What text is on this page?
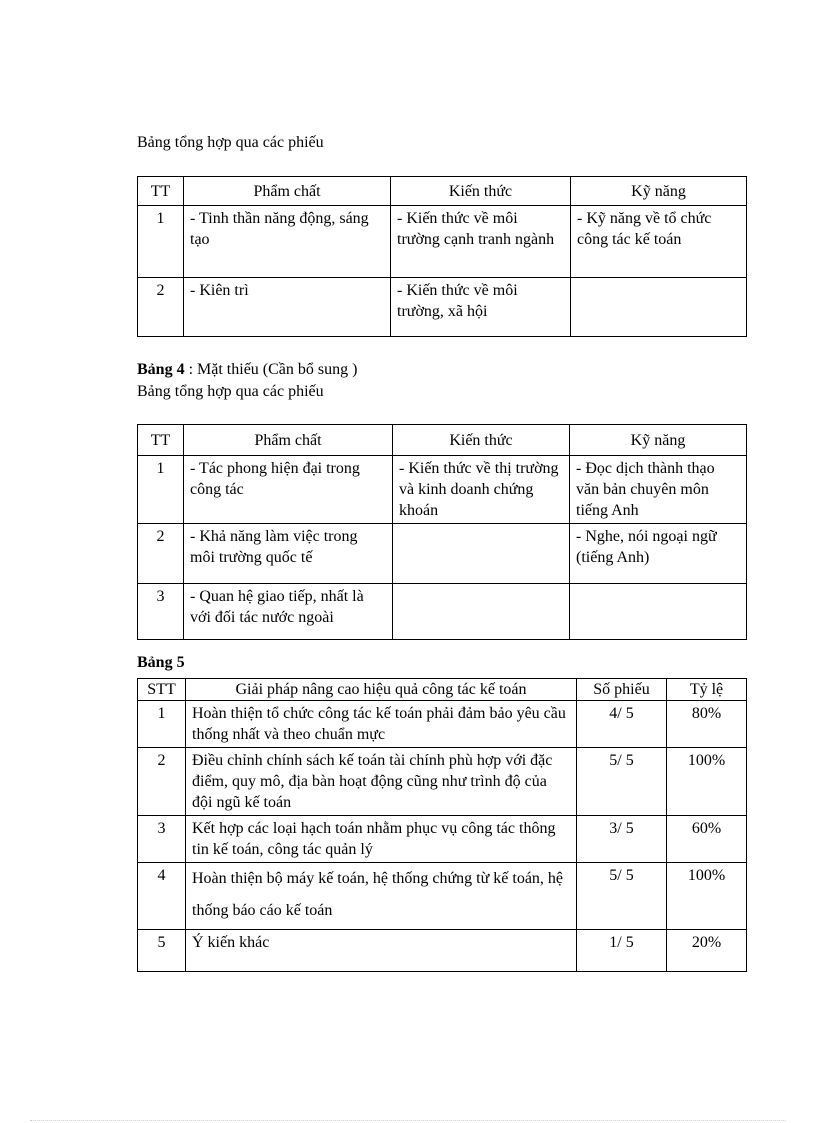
Bảng tổng hợp qua các phiếu
TT	Phẩm chất	Kiến thức	Kỹ năng
1	- Tinh thần năng động, sáng tạo	- Kiến thức về môi trường cạnh tranh ngành	- Kỹ năng về tổ chức công tác kế toán
2	- Kiên trì	- Kiến thức về môi trường, xã hội	
Bảng 4 : Mặt thiếu (Cần bổ sung )
Bảng tổng hợp qua các phiếu
TT	Phẩm chất	Kiến thức	Kỹ năng
1	- Tác phong hiện đại trong công tác	- Kiến thức về thị trường và kinh doanh chứng khoán	- Đọc dịch thành thạo văn bản chuyên môn tiếng Anh
2	- Khả năng làm việc trong môi trường quốc tế		- Nghe, nói ngoại ngữ (tiếng Anh)
3	- Quan hệ giao tiếp, nhất là với đối tác nước ngoài		
Bảng 5
STT	Giải pháp nâng cao hiệu quả công tác kế toán	Số phiếu	Tỷ lệ
1	Hoàn thiện tổ chức công tác kế toán phải đảm bảo yêu cầu thống nhất và theo chuẩn mực	4/ 5	80%
2	Điều chỉnh chính sách kế toán tài chính phù hợp với đặc điểm, quy mô, địa bàn hoạt động cũng như trình độ của đội ngũ kế toán	5/ 5	100%
3	Kết hợp các loại hạch toán nhằm phục vụ công tác thông tin kế toán, công tác quản lý	3/ 5	60%
4	Hoàn thiện bộ máy kế toán, hệ thống chứng từ kế toán, hệ thống báo cáo kế toán	5/ 5	100%
5	Ý kiến khác	1/ 5	20%
